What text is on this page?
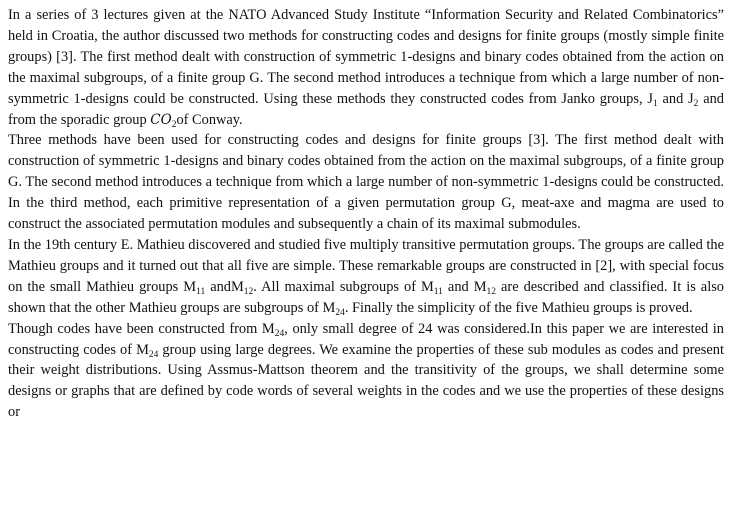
In a series of 3 lectures given at the NATO Advanced Study Institute “Information Security and Related Combinatorics” held in Croatia, the author discussed two methods for constructing codes and designs for finite groups (mostly simple finite groups) [3]. The first method dealt with construction of symmetric 1-designs and binary codes obtained from the action on the maximal subgroups, of a finite group G. The second method introduces a technique from which a large number of non-symmetric 1-designs could be constructed. Using these methods they constructed codes from Janko groups, $J_1$ and $J_2$ and from the sporadic group $CO_2of$ Conway.

Three methods have been used for constructing codes and designs for finite groups [3]. The first method dealt with construction of symmetric 1-designs and binary codes obtained from the action on the maximal subgroups, of a finite group G. The second method introduces a technique from which a large number of non-symmetric 1-designs could be constructed. In the third method, each primitive representation of a given permutation group G, meat-axe and magma are used to construct the associated permutation modules and subsequently a chain of its maximal submodules.

In the 19th century E. Mathieu discovered and studied five multiply transitive permutation groups. The groups are called the Mathieu groups and it turned out that all five are simple. These remarkable groups are constructed in [2], with special focus on the small Mathieu groups $M_{11}$ andM$_{12}$. All maximal subgroups of $M_{11}$ and $M_{12}$ are described and classified. It is also shown that the other Mathieu groups are subgroups of $M_{24}$. Finally the simplicity of the five Mathieu groups is proved.

Though codes have been constructed from $M_{24}$, only small degree of 24 was considered.In this paper we are interested in constructing codes of $M_{24}$ group using large degrees. We examine the properties of these sub modules as codes and present their weight distributions. Using Assmus-Mattson theorem and the transitivity of the groups, we shall determine some designs or graphs that are defined by code words of several weights in the codes and we use the properties of these designs or
